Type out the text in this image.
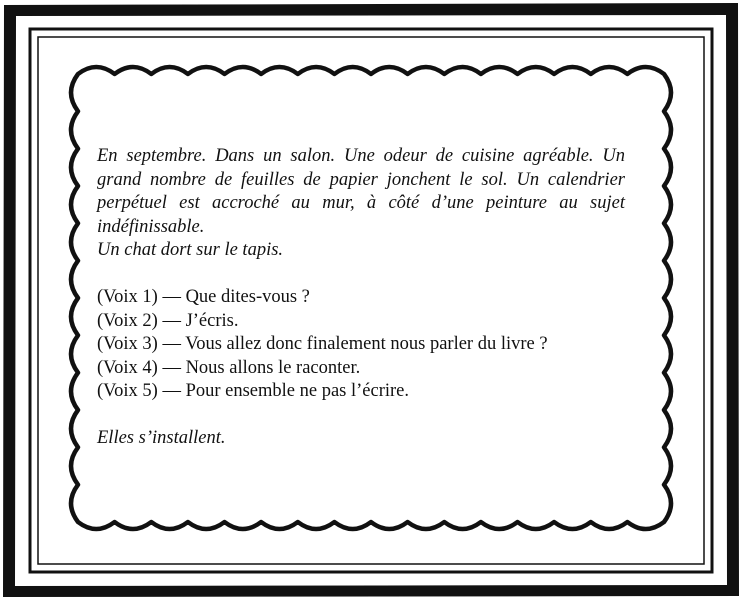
En septembre. Dans un salon. Une odeur de cuisine agréable. Un grand nombre de feuilles de papier jonchent le sol. Un calendrier perpétuel est accroché au mur, à côté d’une peinture au sujet indéfinissable.
Un chat dort sur le tapis.

(Voix 1) — Que dites-vous ?
(Voix 2) — J’écris.
(Voix 3) — Vous allez donc finalement nous parler du livre ?
(Voix 4) — Nous allons le raconter.
(Voix 5) — Pour ensemble ne pas l’écrire.

Elles s’installent.
